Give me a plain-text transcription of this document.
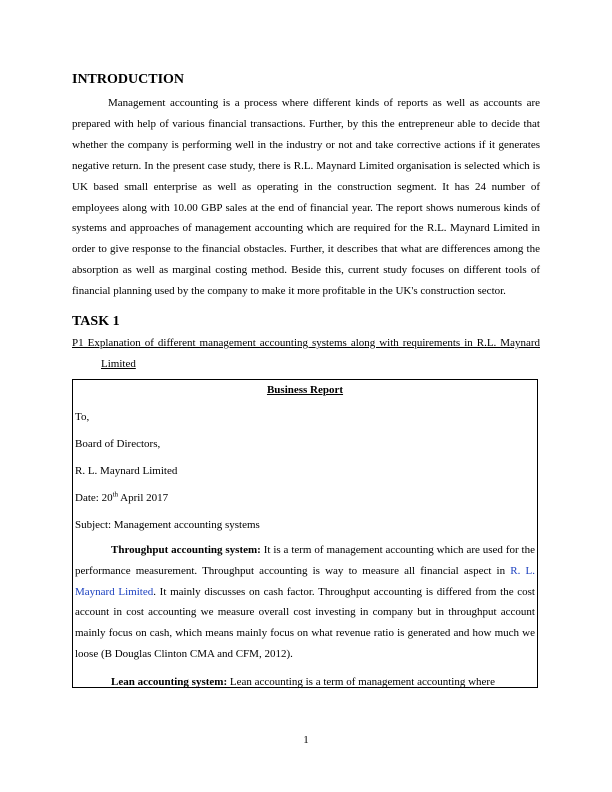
INTRODUCTION

Management accounting is a process where different kinds of reports as well as accounts are prepared with help of various financial transactions. Further, by this the entrepreneur able to decide that whether the company is performing well in the industry or not and take corrective actions if it generates negative return. In the present case study, there is R.L. Maynard Limited organisation is selected which is UK based small enterprise as well as operating in the construction segment. It has 24 number of employees along with 10.00 GBP sales at the end of financial year. The report shows numerous kinds of systems and approaches of management accounting which are required for the R.L. Maynard Limited in order to give response to the financial obstacles. Further, it describes that what are differences among the absorption as well as marginal costing method. Beside this, current study focuses on different tools of financial planning used by the company to make it more profitable in the UK's construction sector.

TASK 1

P1 Explanation of different management accounting systems along with requirements in R.L. Maynard Limited

Business Report
To,
Board of Directors,
R. L. Maynard Limited
Date: 20th April 2017
Subject: Management accounting systems

Throughput accounting system: It is a term of management accounting which are used for the performance measurement. Throughput accounting is way to measure all financial aspect in R. L. Maynard Limited. It mainly discusses on cash factor. Throughput accounting is differed from the cost account in cost accounting we measure overall cost investing in company but in throughput account mainly focus on cash, which means mainly focus on what revenue ratio is generated and how much we loose (B Douglas Clinton CMA and CFM, 2012).

Lean accounting system: Lean accounting is a term of management accounting where

1
